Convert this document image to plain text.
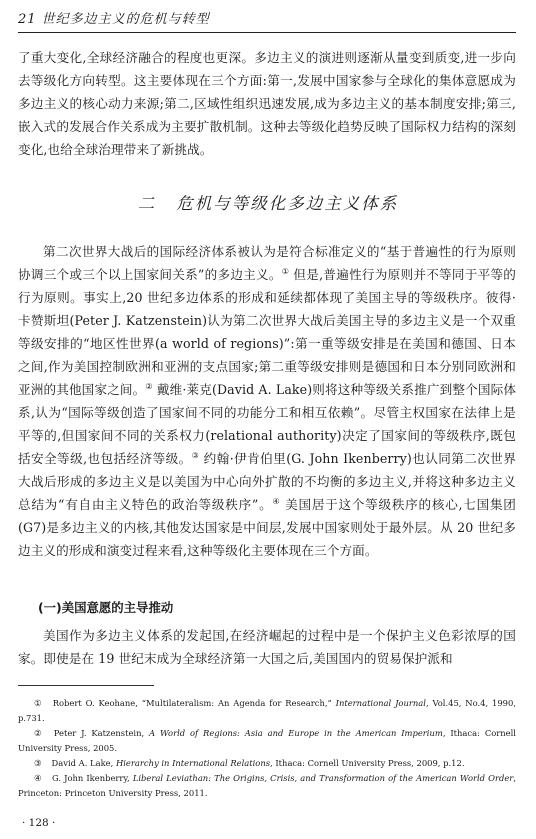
21 世纪多边主义的危机与转型
了重大变化,全球经济融合的程度也更深。多边主义的演进则逐渐从量变到质变,进一步向去等级化方向转型。这主要体现在三个方面:第一,发展中国家参与全球化的集体意愿成为多边主义的核心动力来源;第二,区域性组织迅速发展,成为多边主义的基本制度安排;第三,嵌入式的发展合作关系成为主要扩散机制。这种去等级化趋势反映了国际权力结构的深刻变化,也给全球治理带来了新挑战。
二 危机与等级化多边主义体系
第二次世界大战后的国际经济体系被认为是符合标准定义的“基于普遍性的行为原则协调三个或三个以上国家间关系”的多边主义。① 但是,普遍性行为原则并不等同于平等的行为原则。事实上,20 世纪多边体系的形成和延续都体现了美国主导的等级秩序。彼得·卡赞斯坦(Peter J. Katzenstein)认为第二次世界大战后美国主导的多边主义是一个双重等级安排的“地区性世界(a world of regions)”:第一重等级安排是在美国和德国、日本之间,作为美国控制欧洲和亚洲的支点国家;第二重等级安排则是德国和日本分别同欧洲和亚洲的其他国家之间。② 戴维·莱克(David A. Lake)则将这种等级关系推广到整个国际体系,认为“国际等级创造了国家间不同的功能分工和相互依赖”。尽管主权国家在法律上是平等的,但国家间不同的关系权力(relational authority)决定了国家间的等级秩序,既包括安全等级,也包括经济等级。③ 约翰·伊肯伯里(G. John Ikenberry)也认同第二次世界大战后形成的多边主义是以美国为中心向外扩散的不均衡的多边主义,并将这种多边主义总结为“有自由主义特色的政治等级秩序”。④ 美国居于这个等级秩序的核心,七国集团(G7)是多边主义的内核,其他发达国家是中间层,发展中国家则处于最外层。从 20 世纪多边主义的形成和演变过程来看,这种等级化主要体现在三个方面。
(一)美国意愿的主导推动
美国作为多边主义体系的发起国,在经济崛起的过程中是一个保护主义色彩浓厚的国家。即使是在 19 世纪末成为全球经济第一大国之后,美国国内的贸易保护派和
① Robert O. Keohane, “Multilateralism: An Agenda for Research,” International Journal, Vol.45, No.4, 1990, p.731.
② Peter J. Katzenstein, A World of Regions: Asia and Europe in the American Imperium, Ithaca: Cornell University Press, 2005.
③ David A. Lake, Hierarchy in International Relations, Ithaca: Cornell University Press, 2009, p.12.
④ G. John Ikenberry, Liberal Leviathan: The Origins, Crisis, and Transformation of the American World Order, Princeton: Princeton University Press, 2011.
· 128 ·
